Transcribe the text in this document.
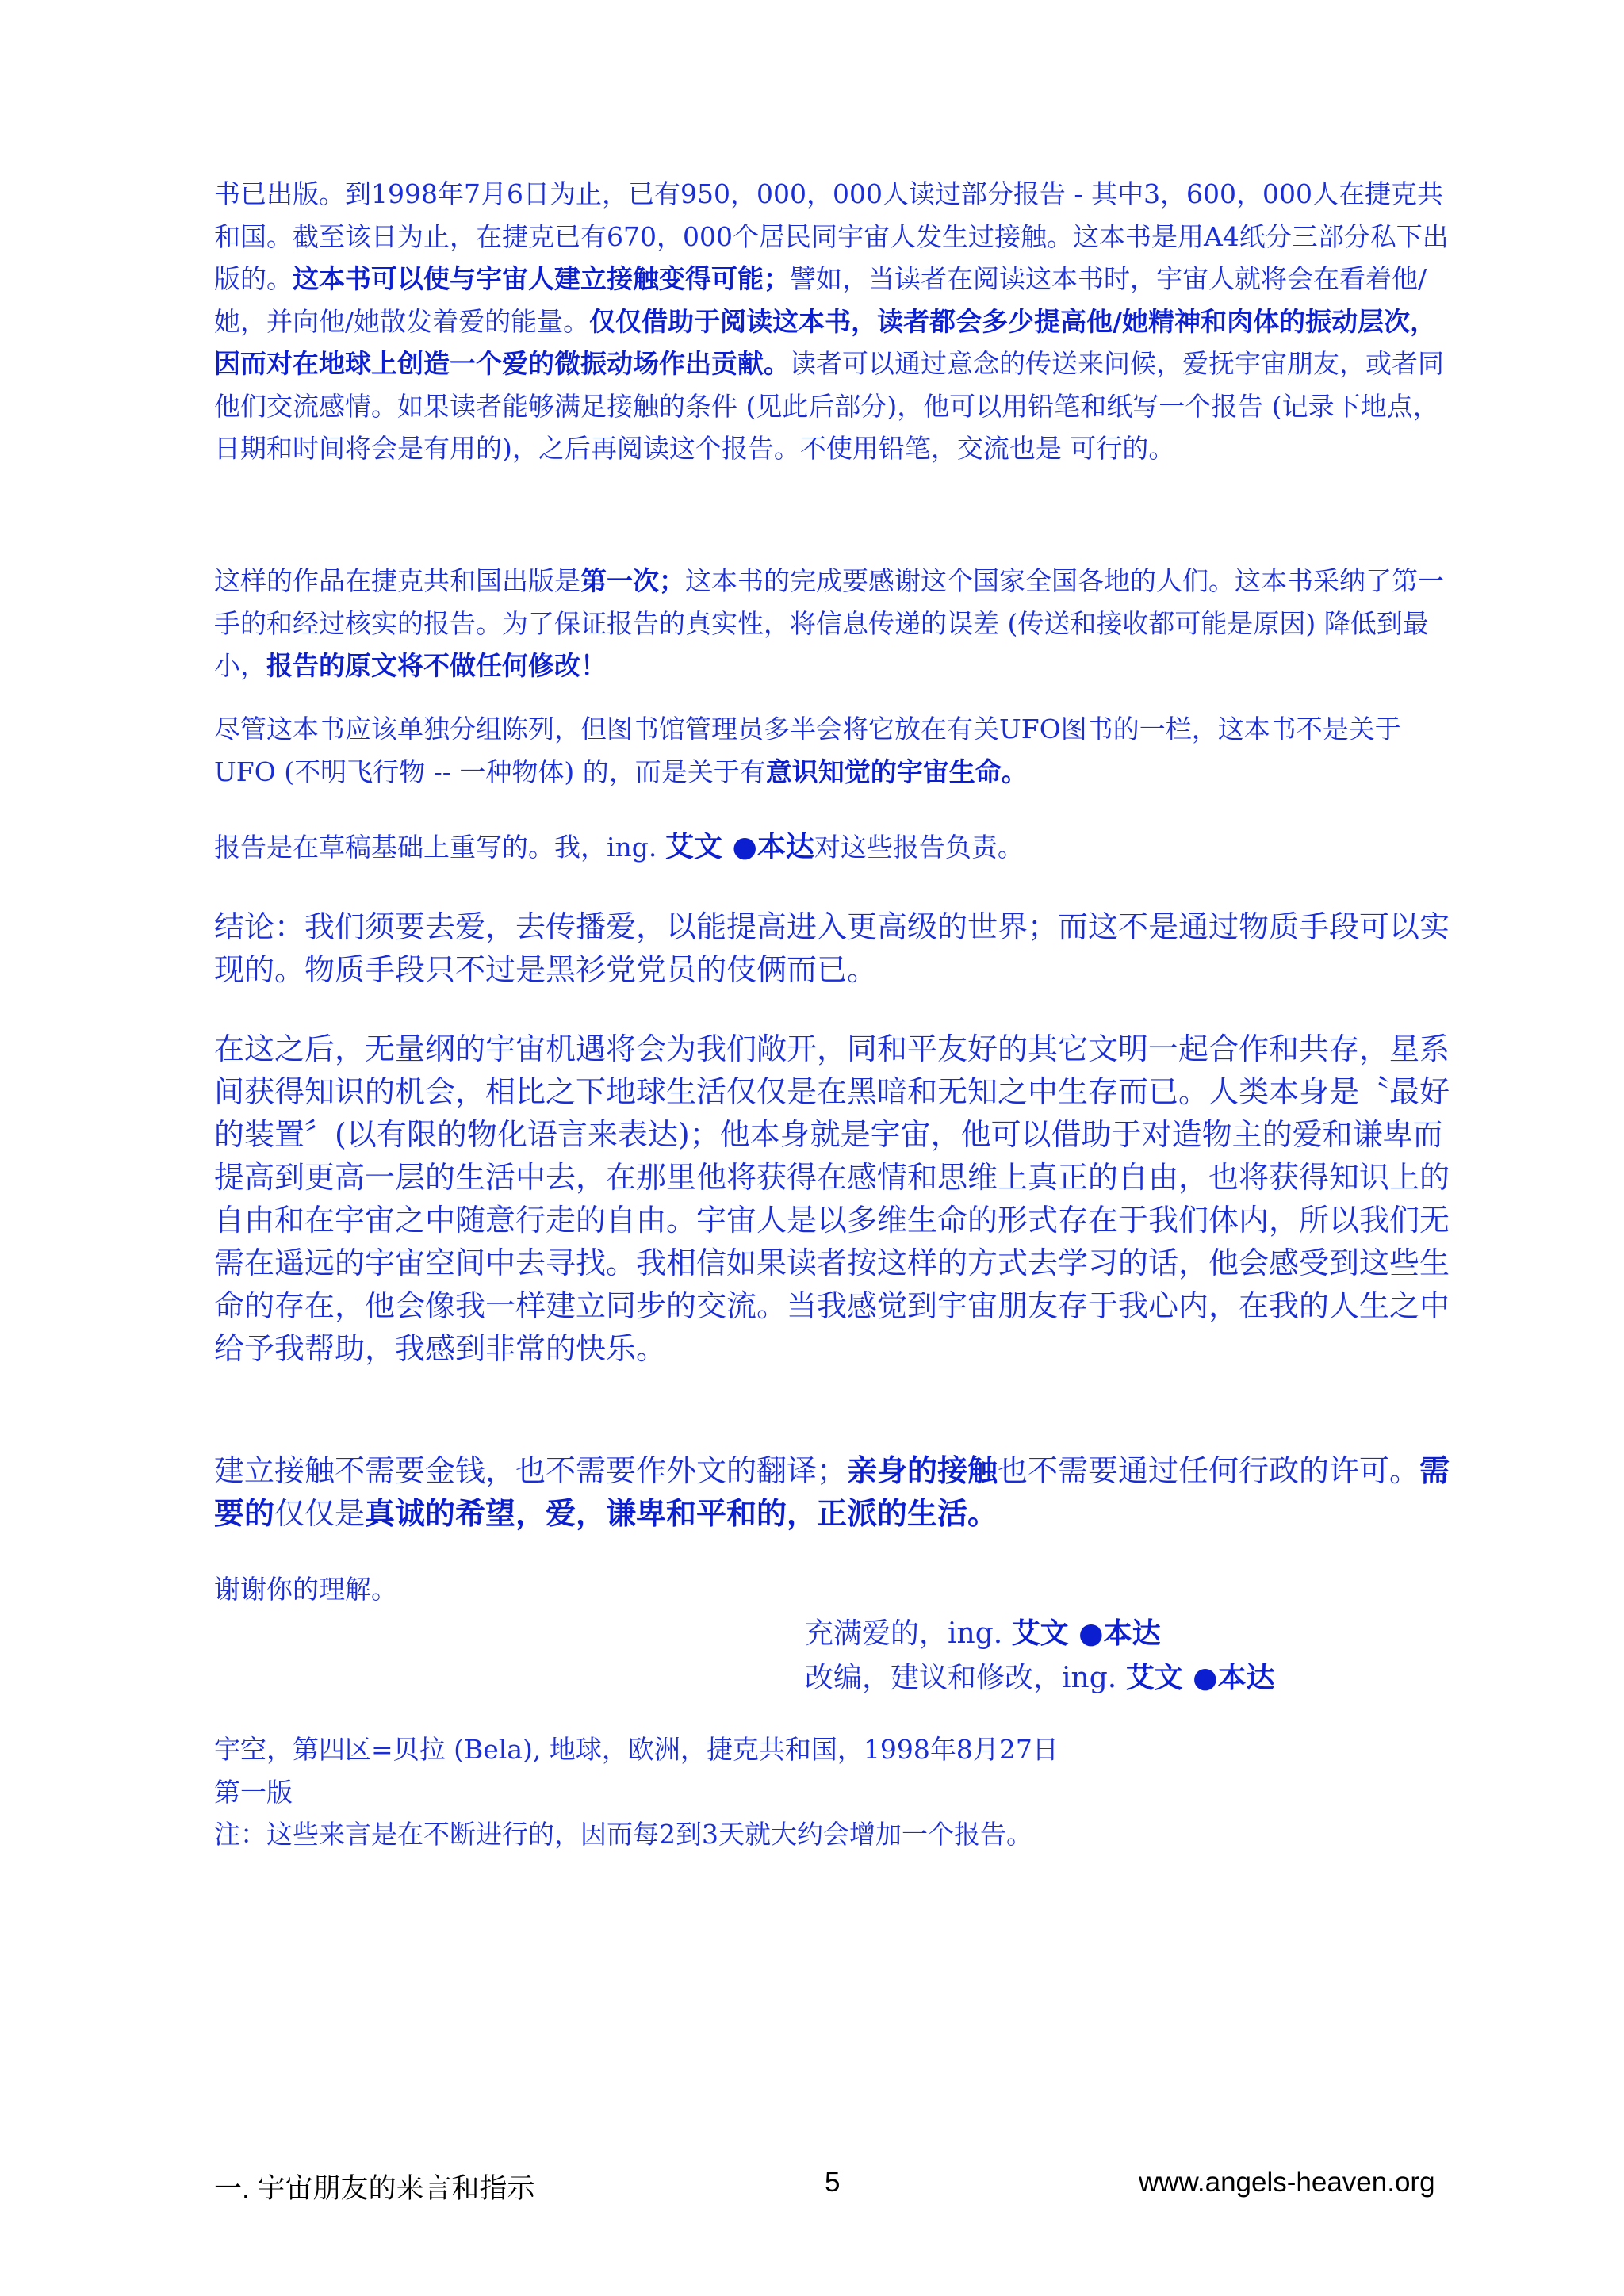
书已出版。到1998年7月6日为止，已有950，000，000人读过部分报告 - 其中3，600，000人在捷克共和国。截至该日为止，在捷克已有670，000个居民同宇宙人发生过接触。这本书是用A4纸分三部分私下出版的。这本书可以使与宇宙人建立接触变得可能；譬如，当读者在阅读这本书时，宇宙人就将会在看着他/她，并向他/她散发着爱的能量。仅仅借助于阅读这本书，读者都会多少提高他/她精神和肉体的振动层次，因而对在地球上创造一个爱的微振动场作出贡献。读者可以通过意念的传送来问候，爱抚宇宙朋友，或者同他们交流感情。如果读者能够满足接触的条件 (见此后部分)，他可以用铅笔和纸写一个报告 (记录下地点，日期和时间将会是有用的)，之后再阅读这个报告。不使用铅笔，交流也是 可行的。

这样的作品在捷克共和国出版是第一次；这本书的完成要感谢这个国家全国各地的人们。这本书采纳了第一手的和经过核实的报告。为了保证报告的真实性，将信息传递的误差 (传送和接收都可能是原因) 降低到最小，报告的原文将不做任何修改！

尽管这本书应该单独分组陈列，但图书馆管理员多半会将它放在有关UFO图书的一栏，这本书不是关于UFO (不明飞行物 -- 一种物体) 的，而是关于有意识知觉的宇宙生命。

报告是在草稿基础上重写的。我，ing. 艾文 ●本达对这些报告负责。

结论：我们须要去爱，去传播爱，以能提高进入更高级的世界；而这不是通过物质手段可以实现的。物质手段只不过是黑衫党党员的伎俩而已。

在这之后，无量纲的宇宙机遇将会为我们敞开，同和平友好的其它文明一起合作和共存，星系间获得知识的机会，相比之下地球生活仅仅是在黑暗和无知之中生存而已。人类本身是〝最好的装置〞(以有限的物化语言来表达)；他本身就是宇宙，他可以借助于对造物主的爱和谦卑而提高到更高一层的生活中去，在那里他将获得在感情和思维上真正的自由，也将获得知识上的自由和在宇宙之中随意行走的自由。宇宙人是以多维生命的形式存在于我们体内，所以我们无需在遥远的宇宙空间中去寻找。我相信如果读者按这样的方式去学习的话，他会感受到这些生命的存在，他会像我一样建立同步的交流。当我感觉到宇宙朋友存于我心内，在我的人生之中给予我帮助，我感到非常的快乐。

建立接触不需要金钱，也不需要作外文的翻译；亲身的接触也不需要通过任何行政的许可。需要的仅仅是真诚的希望，爱，谦卑和平和的，正派的生活。

谢谢你的理解。

充满爱的，ing. 艾文 ●本达
改编，建议和修改，ing. 艾文 ●本达

宇空，第四区=贝拉 (Bela), 地球，欧洲，捷克共和国，1998年8月27日

第一版

注：这些来言是在不断进行的，因而每2到3天就大约会增加一个报告。

一. 宇宙朋友的来言和指示	5	www.angels-heaven.org
